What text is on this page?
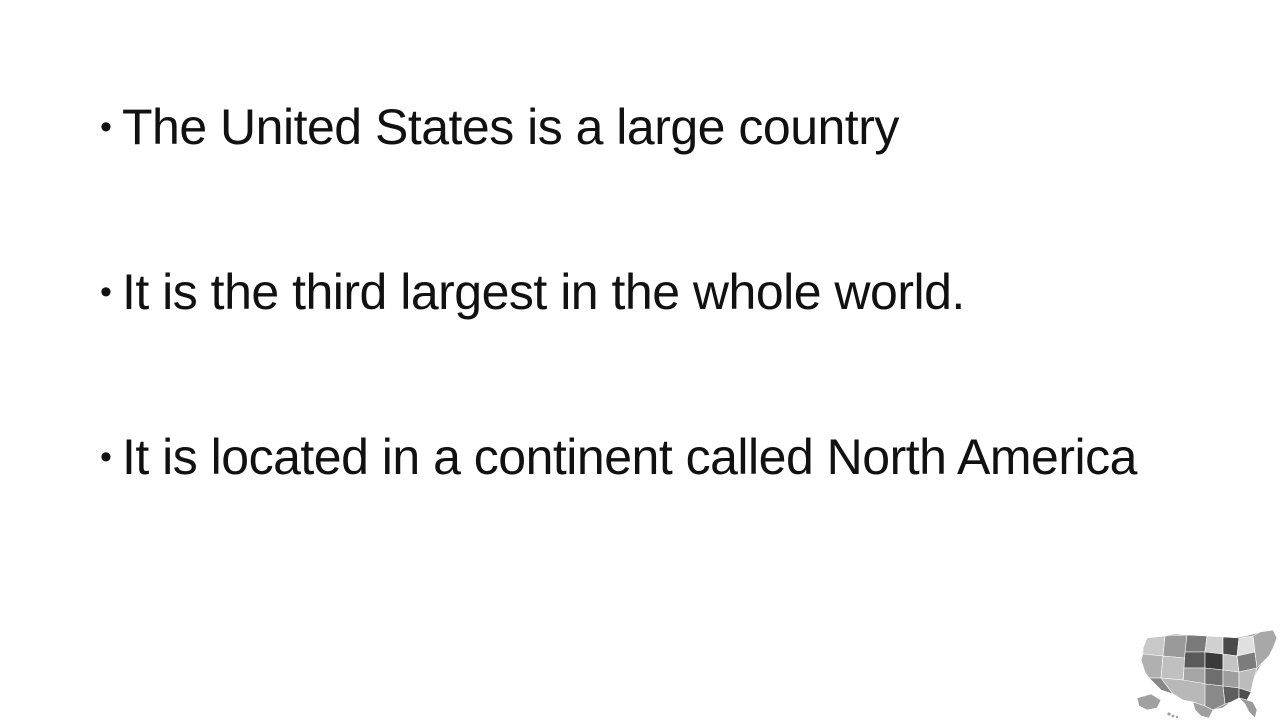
• The United States is a large country
• It is the third largest in the whole world.
• It is located in a continent called North America
